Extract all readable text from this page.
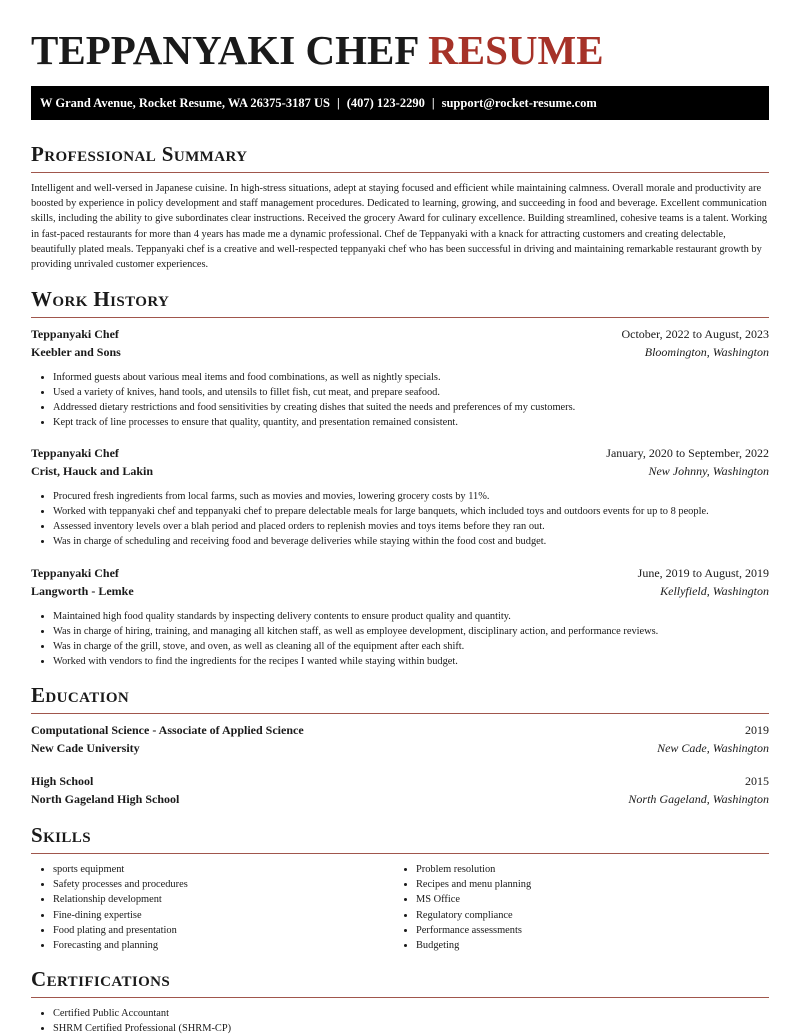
TEPPANYAKI CHEF RESUME
W Grand Avenue, Rocket Resume, WA 26375-3187 US | (407) 123-2290 | support@rocket-resume.com
Professional Summary

Intelligent and well-versed in Japanese cuisine. In high-stress situations, adept at staying focused and efficient while maintaining calmness. Overall morale and productivity are boosted by experience in policy development and staff management procedures. Dedicated to learning, growing, and succeeding in food and beverage. Excellent communication skills, including the ability to give subordinates clear instructions. Received the grocery Award for culinary excellence. Building streamlined, cohesive teams is a talent. Working in fast-paced restaurants for more than 4 years has made me a dynamic professional. Chef de Teppanyaki with a knack for attracting customers and creating delectable, beautifully plated meals. Teppanyaki chef is a creative and well-respected teppanyaki chef who has been successful in driving and maintaining remarkable restaurant growth by providing unrivaled customer experiences.

Work History
Teppanyaki Chef	October, 2022 to August, 2023
Keebler and Sons	Bloomington, Washington
• Informed guests about various meal items and food combinations, as well as nightly specials.
• Used a variety of knives, hand tools, and utensils to fillet fish, cut meat, and prepare seafood.
• Addressed dietary restrictions and food sensitivities by creating dishes that suited the needs and preferences of my customers.
• Kept track of line processes to ensure that quality, quantity, and presentation remained consistent.
Teppanyaki Chef	January, 2020 to September, 2022
Crist, Hauck and Lakin	New Johnny, Washington
• Procured fresh ingredients from local farms, such as movies and movies, lowering grocery costs by 11%.
• Worked with teppanyaki chef and teppanyaki chef to prepare delectable meals for large banquets, which included toys and outdoors events for up to 8 people.
• Assessed inventory levels over a blah period and placed orders to replenish movies and toys items before they ran out.
• Was in charge of scheduling and receiving food and beverage deliveries while staying within the food cost and budget.
Teppanyaki Chef	June, 2019 to August, 2019
Langworth - Lemke	Kellyfield, Washington
• Maintained high food quality standards by inspecting delivery contents to ensure product quality and quantity.
• Was in charge of hiring, training, and managing all kitchen staff, as well as employee development, disciplinary action, and performance reviews.
• Was in charge of the grill, stove, and oven, as well as cleaning all of the equipment after each shift.
• Worked with vendors to find the ingredients for the recipes I wanted while staying within budget.
Education
Computational Science - Associate of Applied Science	2019
New Cade University	New Cade, Washington
High School	2015
North Gageland High School	North Gageland, Washington
Skills
• sports equipment
• Safety processes and procedures
• Relationship development
• Fine-dining expertise
• Food plating and presentation
• Forecasting and planning
• Problem resolution
• Recipes and menu planning
• MS Office
• Regulatory compliance
• Performance assessments
• Budgeting
Certifications
• Certified Public Accountant
• SHRM Certified Professional (SHRM-CP)
